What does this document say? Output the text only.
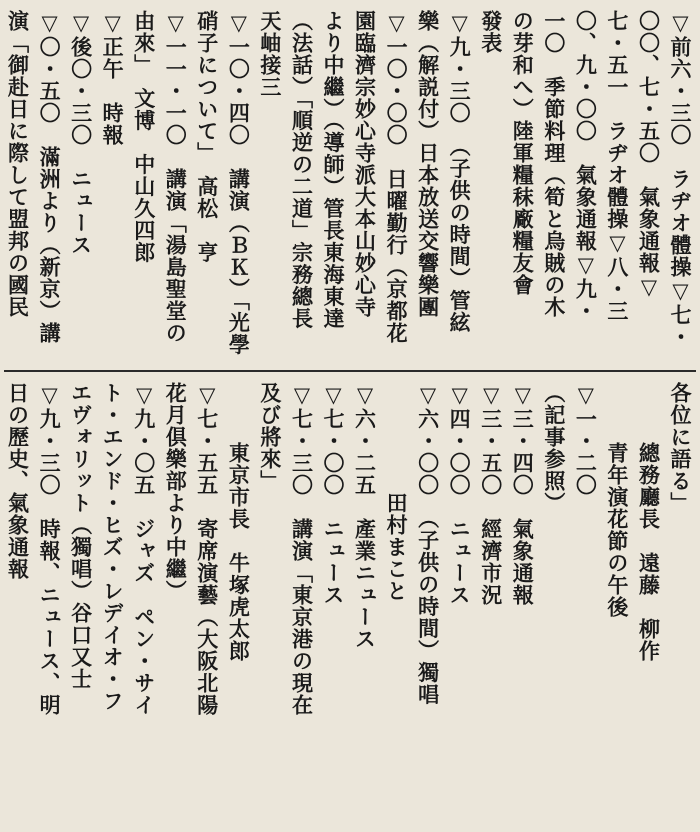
▽前六・三〇　ラヂオ體操▽七・
〇〇、七・五〇　氣象通報▽
七・五一　ラヂオ體操▽八・三
〇、九・〇〇　氣象通報▽九・
一〇　季節料理（筍と烏賊の木
の芽和へ）陸軍糧秣廠糧友會
發表
▽九・三〇　（子供の時間）管絃
樂（解説付）日本放送交響樂團
▽一〇・〇〇　日曜勤行（京都花
園臨濟宗妙心寺派大本山妙心寺
より中繼）（導師）管長東海東達
（法話）「順逆の二道」宗務總長
天岫接三
▽一〇・四〇　講演（ＢＫ）「光學
硝子について」　高松　亨
▽一一・一〇　講演「湯島聖堂の
由來」　文博　中山久四郎
▽正午　時報
▽後〇・三〇　ニュース
▽〇・五〇　滿洲より（新京）講
演「御赴日に際して盟邦の國民
各位に語る」
總務廳長　遠藤　柳作
青年演花節の午後
▽一・二〇
（記事参照）
▽三・四〇　氣象通報
▽三・五〇　經濟市況
▽四・〇〇　ニュース
▽六・〇〇　（子供の時間）獨唱
田村まこと
▽六・二五　產業ニュース
▽七・〇〇　ニュース
▽七・三〇　講演「東京港の現在
及び將來」
東京市長　牛塚虎太郎
▽七・五五　寄席演藝（大阪北陽
花月倶樂部より中繼）
▽九・〇五　ジャズ　ペン・サイ
ト・エンド・ヒズ・レデイオ・フ
エヴォリット（獨唱）谷口又士
▽九・三〇　時報、ニュース、明
日の歷史、氣象通報
